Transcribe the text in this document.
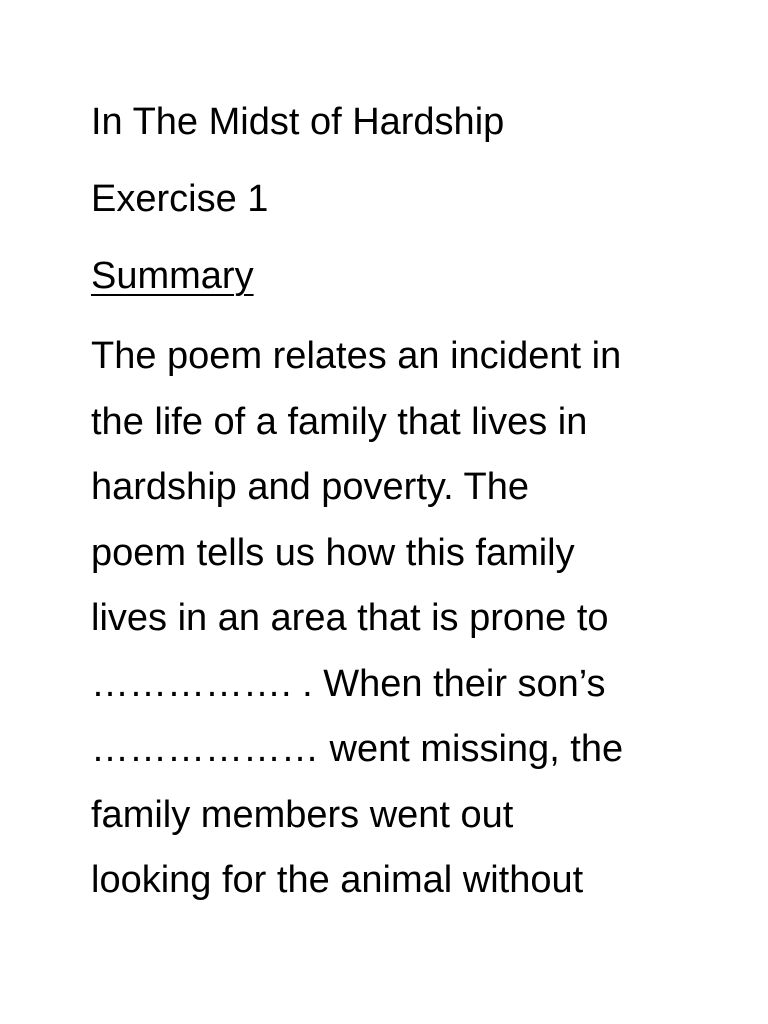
In The Midst of Hardship
Exercise 1
Summary

The poem relates an incident in

the life of a family that lives in

hardship and poverty. The

poem tells us how this family

lives in an area that is prone to

……………. . When their son’s

……………… went missing, the

family members went out

looking for the animal without
